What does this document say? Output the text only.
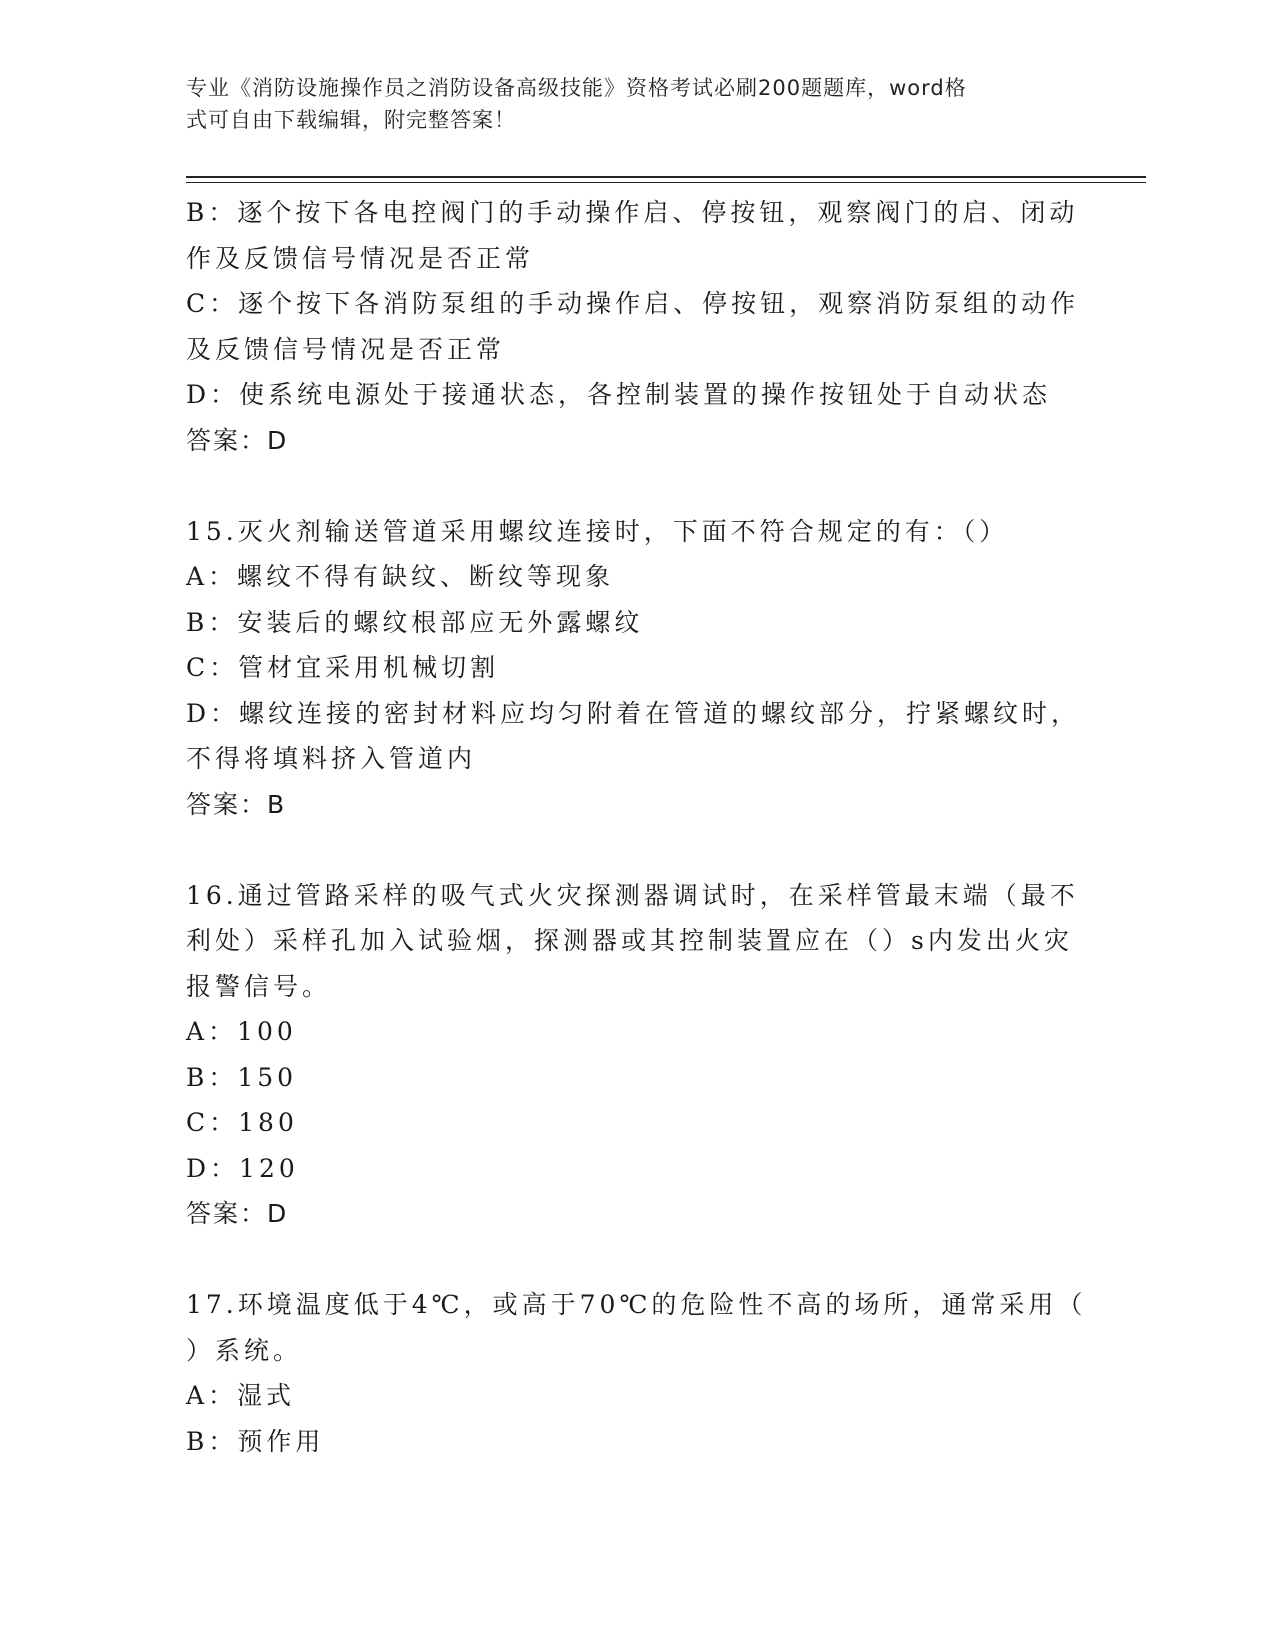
专业《消防设施操作员之消防设备高级技能》资格考试必刷200题题库，word格
式可自由下载编辑，附完整答案！
B：逐个按下各电控阀门的手动操作启、停按钮，观察阀门的启、闭动
作及反馈信号情况是否正常
C：逐个按下各消防泵组的手动操作启、停按钮，观察消防泵组的动作
及反馈信号情况是否正常
D：使系统电源处于接通状态，各控制装置的操作按钮处于自动状态
答案：D
15.灭火剂输送管道采用螺纹连接时，下面不符合规定的有：（）
A：螺纹不得有缺纹、断纹等现象
B：安装后的螺纹根部应无外露螺纹
C：管材宜采用机械切割
D：螺纹连接的密封材料应均匀附着在管道的螺纹部分，拧紧螺纹时，
不得将填料挤入管道内
答案：B
16.通过管路采样的吸气式火灾探测器调试时，在采样管最末端（最不
利处）采样孔加入试验烟，探测器或其控制装置应在（）s内发出火灾
报警信号。
A：100
B：150
C：180
D：120
答案：D
17.环境温度低于4℃，或高于70℃的危险性不高的场所，通常采用（
）系统。
A：湿式
B：预作用
